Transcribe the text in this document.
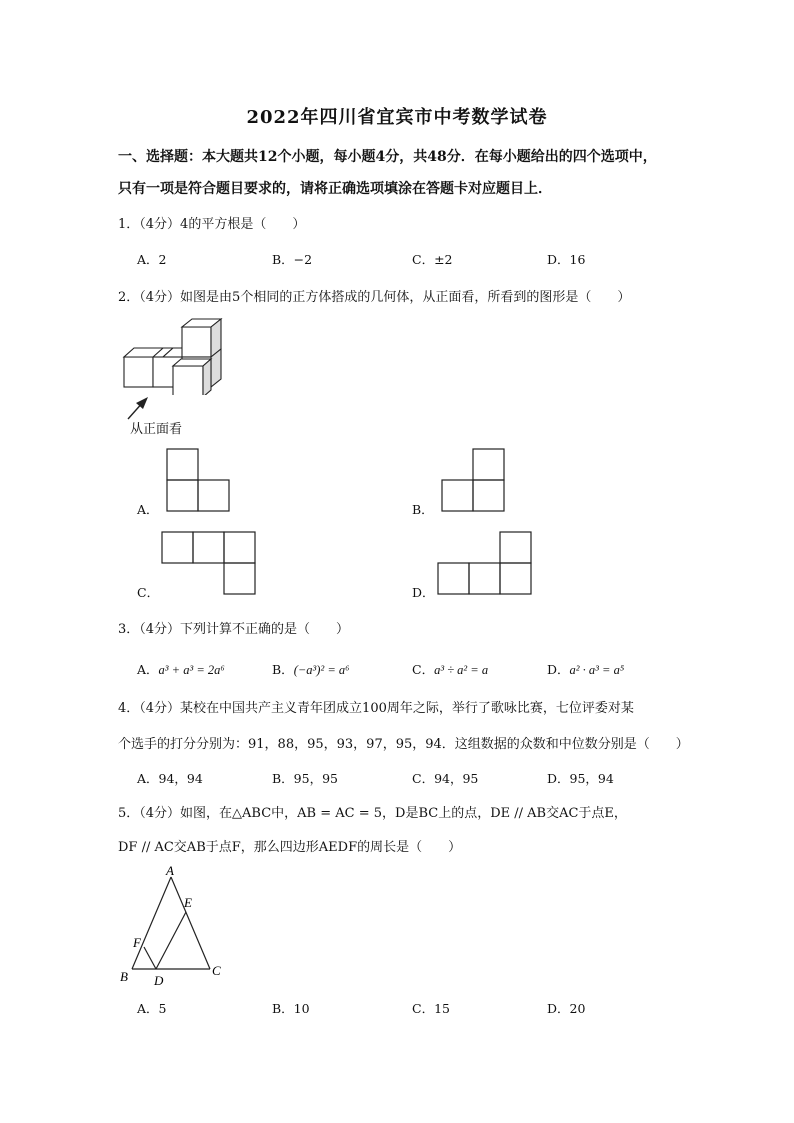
2022年四川省宜宾市中考数学试卷
一、选择题：本大题共12个小题，每小题4分，共48分．在每小题给出的四个选项中，
只有一项是符合题目要求的，请将正确选项填涂在答题卡对应题目上．
1．（4分）4的平方根是（　　）
A．2	B．−2	C．±2	D．16
2．（4分）如图是由5个相同的正方体搭成的几何体，从正面看，所看到的图形是（　　）
从正面看
A．	B．
C．	D．
3．（4分）下列计算不正确的是（　　）
A．a³ + a³ = 2a⁶	B．(−a³)² = a⁶	C．a³ ÷ a² = a	D．a² · a³ = a⁵
4．（4分）某校在中国共产主义青年团成立100周年之际，举行了歌咏比赛，七位评委对某
个选手的打分分别为：91，88，95，93，97，95，94．这组数据的众数和中位数分别是（　　）
A．94，94	B．95，95	C．94，95	D．95，94
5．（4分）如图，在△ABC中，AB = AC = 5，D是BC上的点，DE // AB交AC于点E，
DF // AC交AB于点F，那么四边形AEDF的周长是（　　）
A
B	C
D
E
F
A．5	B．10	C．15	D．20
